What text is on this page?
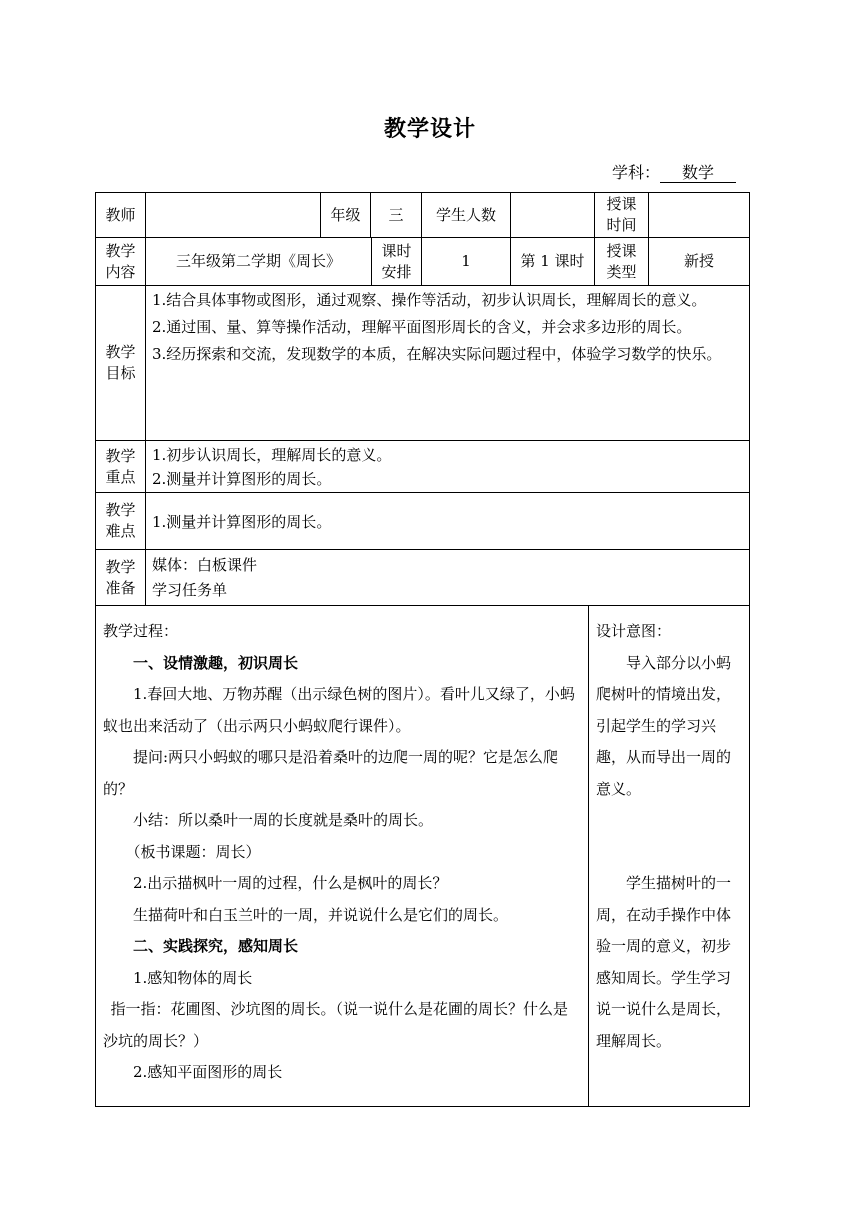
教学设计
学科： 数学
教师	年级 三 学生人数
授课
时间
教学
内容
三年级第二学期《周长》
课时
安排
1	第 1 课时
授课
类型
新授
教学
目标
1.结合具体事物或图形，通过观察、操作等活动，初步认识周长，理解周长的意义。
2.通过围、量、算等操作活动，理解平面图形周长的含义，并会求多边形的周长。
3.经历探索和交流，发现数学的本质，在解决实际问题过程中，体验学习数学的快乐。
教学
重点
1.初步认识周长，理解周长的意义。
2.测量并计算图形的周长。
教学
难点
1.测量并计算图形的周长。
教学
准备
媒体：白板课件
学习任务单
教学过程：
一、设情激趣，初识周长
1.春回大地、万物苏醒（出示绿色树的图片）。看叶儿又绿了，小蚂蚁也出来活动了（出示两只小蚂蚁爬行课件）。
提问:两只小蚂蚁的哪只是沿着桑叶的边爬一周的呢？它是怎么爬的？
小结：所以桑叶一周的长度就是桑叶的周长。
（板书课题：周长）
2.出示描枫叶一周的过程，什么是枫叶的周长？
生描荷叶和白玉兰叶的一周，并说说什么是它们的周长。
二、实践探究，感知周长
1.感知物体的周长
指一指：花圃图、沙坑图的周长。（说一说什么是花圃的周长？什么是沙坑的周长？）
2.感知平面图形的周长
设计意图：
导入部分以小蚂爬树叶的情境出发，引起学生的学习兴趣，从而导出一周的意义。
学生描树叶的一周，在动手操作中体验一周的意义，初步感知周长。学生学习说一说什么是周长，理解周长。
